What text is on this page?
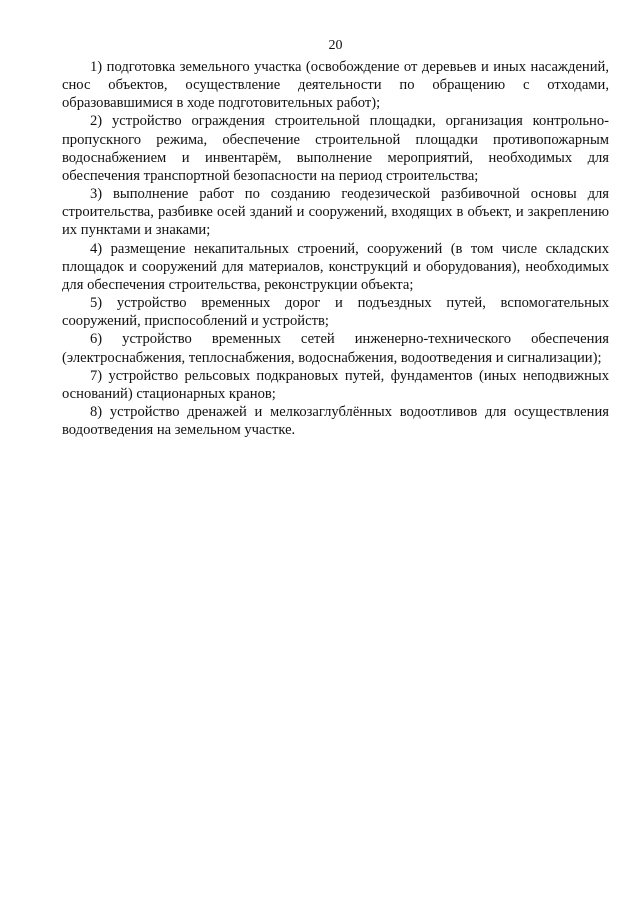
20

1) подготовка земельного участка (освобождение от деревьев и иных насаждений, снос объектов, осуществление деятельности по обращению с отходами, образовавшимися в ходе подготовительных работ);

2) устройство ограждения строительной площадки, организация контрольно-пропускного режима, обеспечение строительной площадки противопожарным водоснабжением и инвентарём, выполнение мероприятий, необходимых для обеспечения транспортной безопасности на период строительства;

3) выполнение работ по созданию геодезической разбивочной основы для строительства, разбивке осей зданий и сооружений, входящих в объект, и закреплению их пунктами и знаками;

4) размещение некапитальных строений, сооружений (в том числе складских площадок и сооружений для материалов, конструкций и оборудования), необходимых для обеспечения строительства, реконструкции объекта;

5) устройство временных дорог и подъездных путей, вспомогательных сооружений, приспособлений и устройств;

6) устройство временных сетей инженерно-технического обеспечения (электроснабжения, теплоснабжения, водоснабжения, водоотведения и сигнализации);

7) устройство рельсовых подкрановых путей, фундаментов (иных неподвижных оснований) стационарных кранов;

8) устройство дренажей и мелкозаглублённых водоотливов для осуществления водоотведения на земельном участке.
